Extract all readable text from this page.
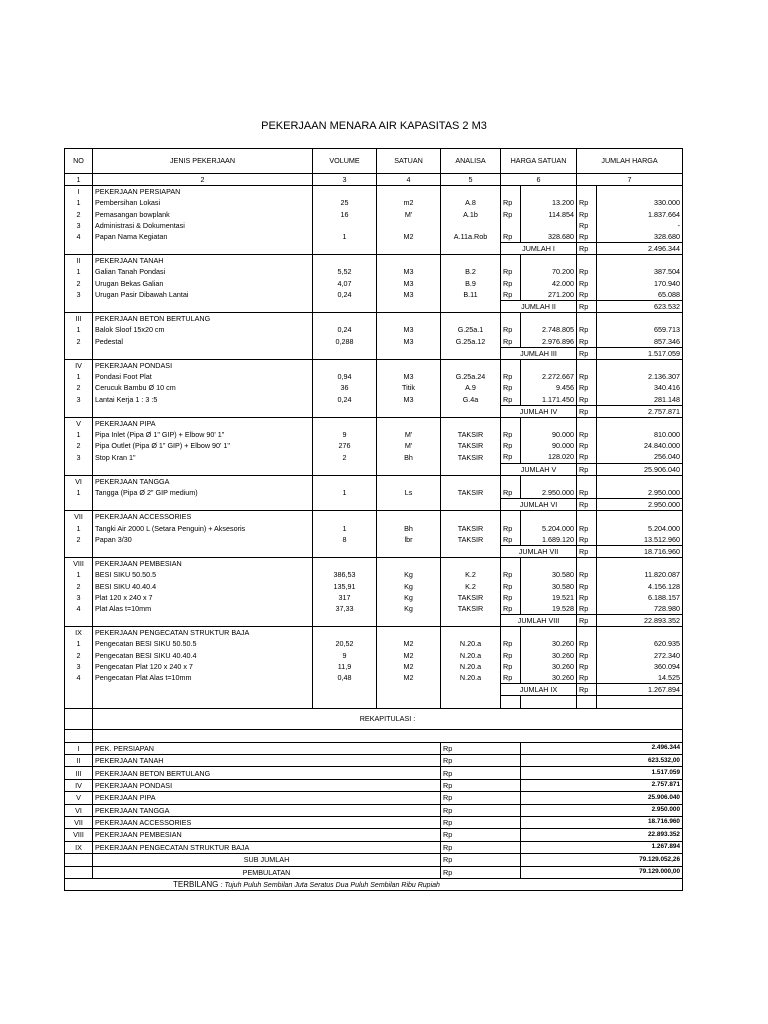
PEKERJAAN MENARA AIR KAPASITAS 2 M3
NO	JENIS PEKERJAAN	VOLUME	SATUAN	ANALISA	HARGA SATUAN		JUMLAH HARGA	
1	2	3	4	5	6		7	
I	PEKERJAAN PERSIAPAN							
1	Pembersihan Lokasi	25	m2	A.8	Rp	13.200	Rp	330.000
2	Pemasangan bowplank	16	M'	A.1b	Rp	114.854	Rp	1.837.664
3	Administrasi & Dokumentasi						Rp	-
4	Papan Nama Kegiatan	1	M2	A.11a.Rob	Rp	328.680	Rp	328.680
					JUMLAH I		Rp	2.496.344
II	PEKERJAAN TANAH							
1	Galian Tanah Pondasi	5,52	M3	B.2	Rp	70.200	Rp	387.504
2	Urugan Bekas Galian	4,07	M3	B.9	Rp	42.000	Rp	170.940
3	Urugan Pasir Dibawah Lantai	0,24	M3	B.11	Rp	271.200	Rp	65.088
					JUMLAH II		Rp	623.532
III	PEKERJAAN BETON BERTULANG							
1	Balok Sloof 15x20 cm	0,24	M3	G.25a.1	Rp	2.748.805	Rp	659.713
2	Pedestal	0,288	M3	G.25a.12	Rp	2.976.896	Rp	857.346
					JUMLAH III		Rp	1.517.059
IV	PEKERJAAN PONDASI							
1	Pondasi Foot Plat	0,94	M3	G.25a.24	Rp	2.272.667	Rp	2.136.307
2	Cerucuk Bambu Ø 10 cm	36	Titik	A.9	Rp	9.456	Rp	340.416
3	Lantai Kerja 1 : 3 :5	0,24	M3	G.4a	Rp	1.171.450	Rp	281.148
					JUMLAH IV		Rp	2.757.871
V	PEKERJAAN PIPA							
1	Pipa Inlet (Pipa Ø 1" GIP) + Elbow 90' 1"	9	M'	TAKSIR	Rp	90.000	Rp	810.000
2	Pipa Outlet (Pipa Ø 1" GIP) + Elbow 90' 1"	276	M'	TAKSIR	Rp	90.000	Rp	24.840.000
3	Stop Kran 1"	2	Bh	TAKSIR	Rp	128.020	Rp	256.040
					JUMLAH V		Rp	25.906.040
VI	PEKERJAAN TANGGA							
1	Tangga (Pipa Ø 2" GIP medium)	1	Ls	TAKSIR	Rp	2.950.000	Rp	2.950.000
					JUMLAH VI		Rp	2.950.000
VII	PEKERJAAN ACCESSORIES							
1	Tangki Air 2000 L (Setara Penguin) + Aksesoris	1	Bh	TAKSIR	Rp	5.204.000	Rp	5.204.000
2	Papan 3/30	8	lbr	TAKSIR	Rp	1.689.120	Rp	13.512.960
					JUMLAH VII		Rp	18.716.960
VIII	PEKERJAAN PEMBESIAN							
1	BESI SIKU 50.50.5	386,53	Kg	K.2	Rp	30.580	Rp	11.820.087
2	BESI SIKU 40.40.4	135,91	Kg	K.2	Rp	30.580	Rp	4.156.128
3	Plat 120 x 240 x 7	317	Kg	TAKSIR	Rp	19.521	Rp	6.188.157
4	Plat Alas t=10mm	37,33	Kg	TAKSIR	Rp	19.528	Rp	728.980
					JUMLAH VIII		Rp	22.893.352
IX	PEKERJAAN PENGECATAN STRUKTUR BAJA							
1	Pengecatan BESI SIKU 50.50.5	20,52	M2	N.20.a	Rp	30.260	Rp	620.935
2	Pengecatan BESI SIKU 40.40.4	9	M2	N.20.a	Rp	30.260	Rp	272.340
3	Pengecatan Plat 120 x 240 x 7	11,9	M2	N.20.a	Rp	30.260	Rp	360.094
4	Pengecatan Plat Alas t=10mm	0,48	M2	N.20.a	Rp	30.260	Rp	14.525
					JUMLAH IX		Rp	1.267.894

	REKAPITULASI :							

I	PEK. PERSIAPAN			Rp		2.496.344		
II	PEKERJAAN TANAH			Rp		623.532,00		
III	PEKERJAAN BETON BERTULANG			Rp		1.517.059		
IV	PEKERJAAN PONDASI			Rp		2.757.871		
V	PEKERJAAN PIPA			Rp		25.906.040		
VI	PEKERJAAN TANGGA			Rp		2.950.000		
VII	PEKERJAAN ACCESSORIES			Rp		18.716.960		
VIII	PEKERJAAN PEMBESIAN			Rp		22.893.352		
IX	PEKERJAAN PENGECATAN STRUKTUR BAJA			Rp		1.267.894		
	SUB JUMLAH			Rp		79.129.052,26		
	PEMBULATAN			Rp		79.129.000,00		
TERBILANG : Tujuh Puluh Sembilan Juta Seratus Dua Puluh Sembilan Ribu Rupiah								
